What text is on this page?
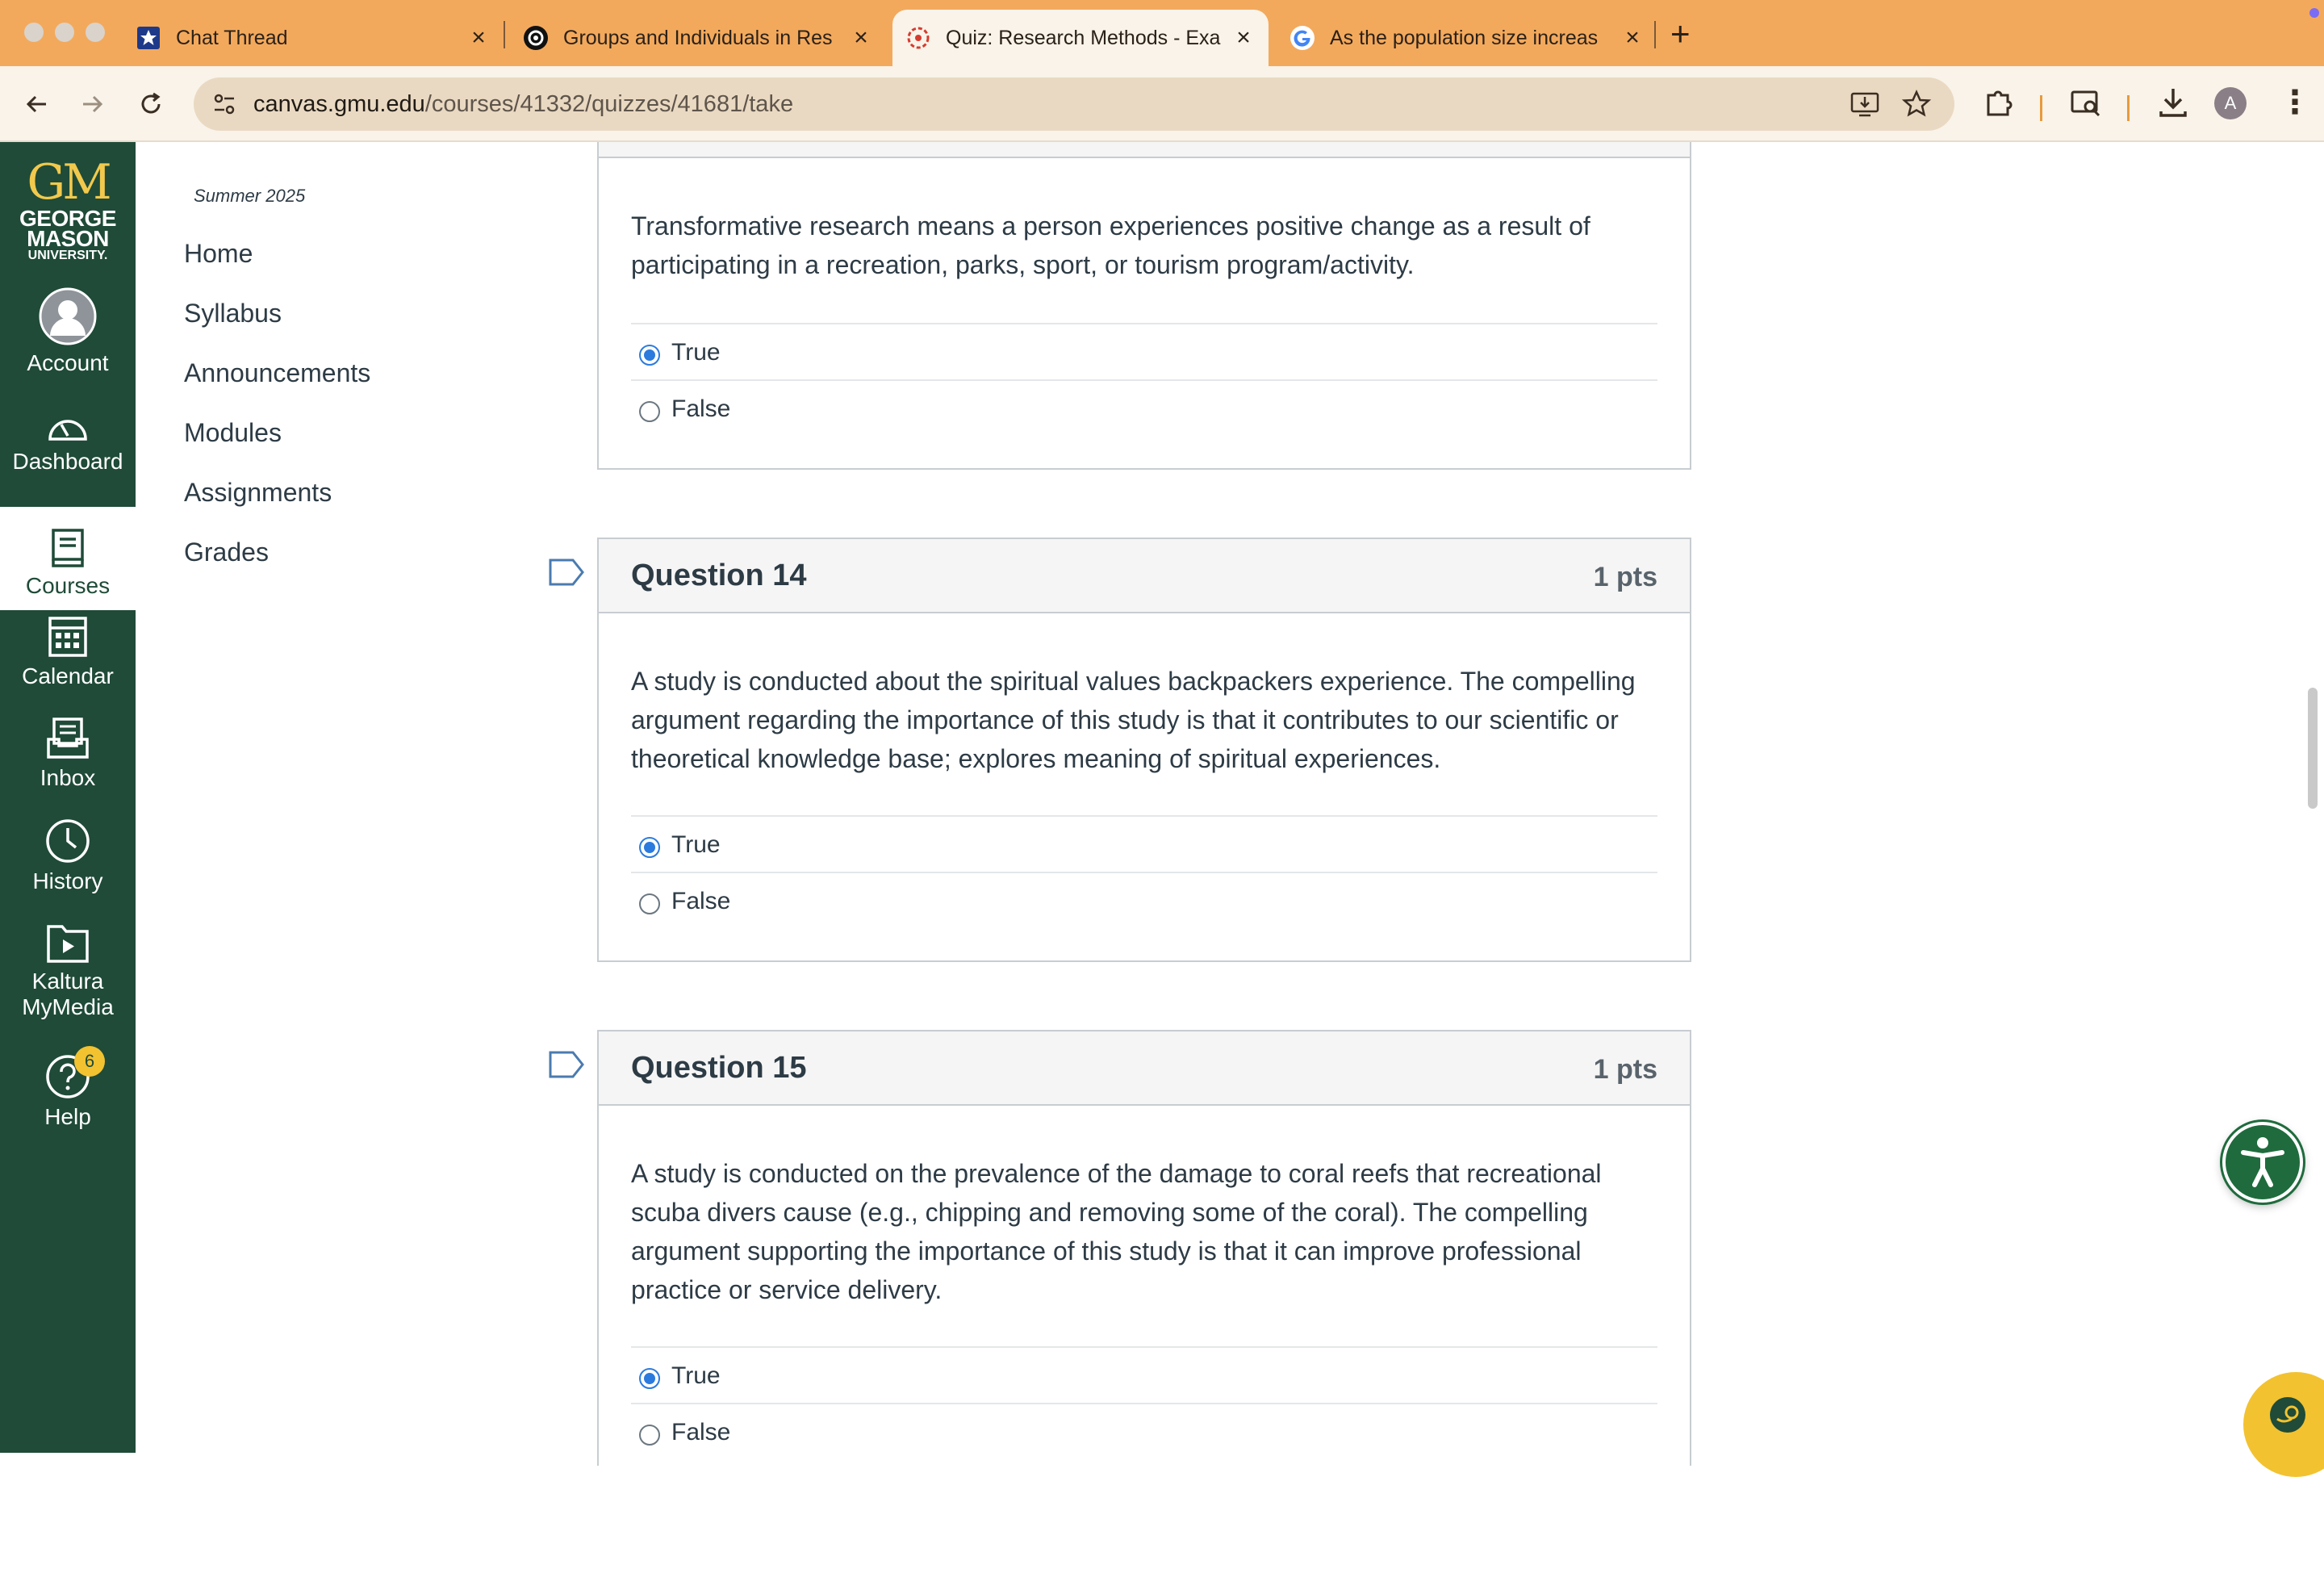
Chat Thread	×	Groups and Individuals in Res ×	Quiz: Research Methods - Exa ×	As the population size increas	× +
canvas.gmu.edu/courses/41332/quizzes/41681/take	A	⋮
GM
GEORGE
MASON
UNIVERSITY.
Account
Dashboard
Courses
Calendar
Inbox
History
Kaltura
MyMedia
Help
6
Summer 2025
Home
Syllabus
Announcements
Modules
Assignments
Grades
Transformative research means a person experiences positive change as a result of participating in a recreation, parks, sport, or tourism program/activity.
True
False
Question 14	1 pts
A study is conducted about the spiritual values backpackers experience. The compelling argument regarding the importance of this study is that it contributes to our scientific or theoretical knowledge base; explores meaning of spiritual experiences.
True
False
Question 15	1 pts
A study is conducted on the prevalence of the damage to coral reefs that recreational scuba divers cause (e.g., chipping and removing some of the coral). The compelling argument supporting the importance of this study is that it can improve professional practice or service delivery.
True
False
